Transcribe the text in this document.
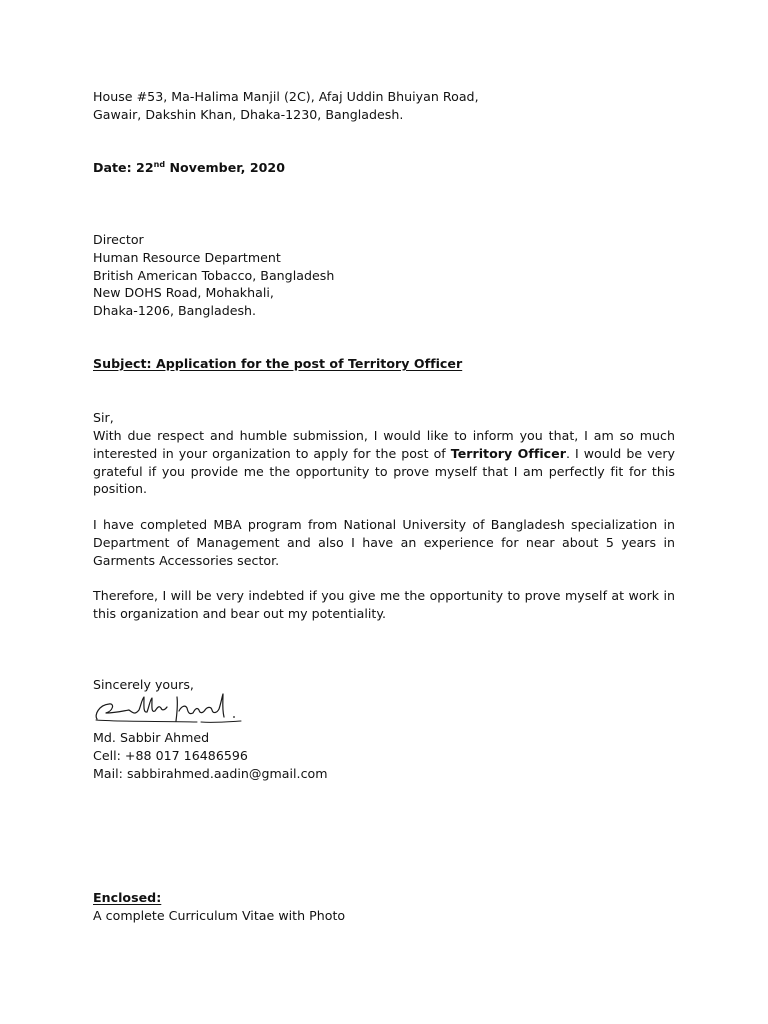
House #53, Ma-Halima Manjil (2C), Afaj Uddin Bhuiyan Road,
Gawair, Dakshin Khan, Dhaka-1230, Bangladesh.
Date: 22nd November, 2020
Director
Human Resource Department
British American Tobacco, Bangladesh
New DOHS Road, Mohakhali,
Dhaka-1206, Bangladesh.
Subject: Application for the post of Territory Officer
Sir,
With due respect and humble submission, I would like to inform you that, I am so much interested in your organization to apply for the post of Territory Officer. I would be very grateful if you provide me the opportunity to prove myself that I am perfectly fit for this position.
I have completed MBA program from National University of Bangladesh specialization in Department of Management and also I have an experience for near about 5 years in Garments Accessories sector.
Therefore, I will be very indebted if you give me the opportunity to prove myself at work in this organization and bear out my potentiality.
Sincerely yours,
Md. Sabbir Ahmed
Cell: +88 017 16486596
Mail: sabbirahmed.aadin@gmail.com
Enclosed:
A complete Curriculum Vitae with Photo
